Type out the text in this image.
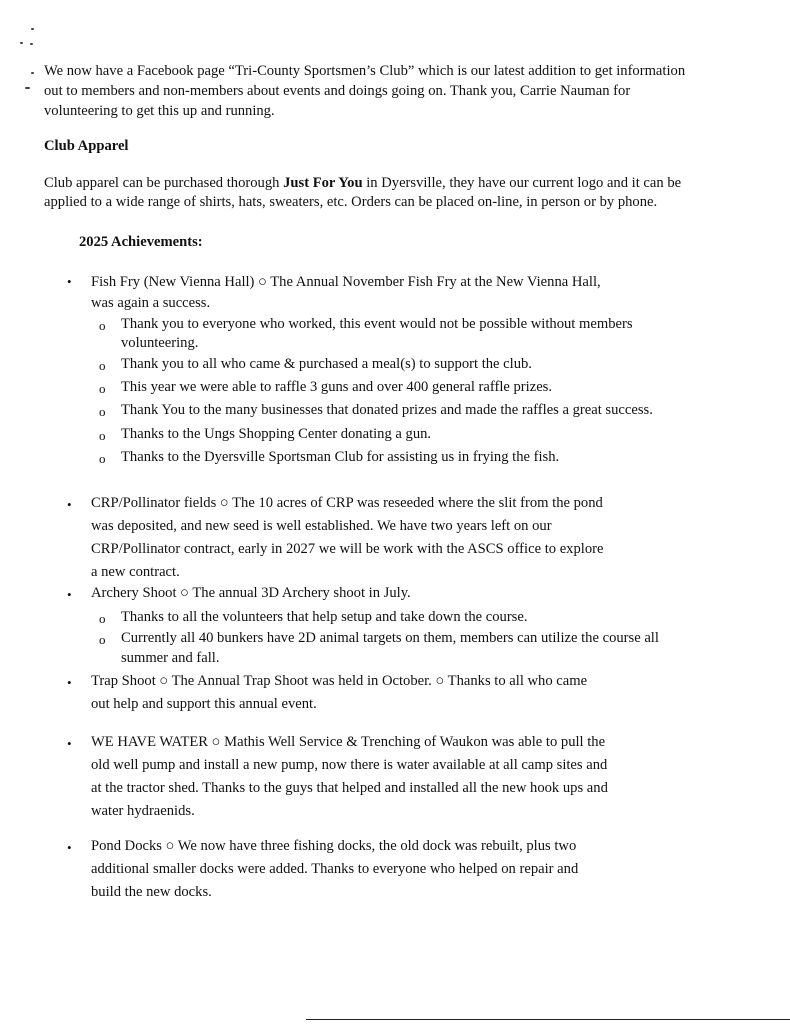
We now have a Facebook page “Tri-County Sportsmen’s Club” which is our latest addition to get information
out to members and non-members about events and doings going on. Thank you, Carrie Nauman for
volunteering to get this up and running.
Club Apparel
Club apparel can be purchased thorough Just For You in Dyersville, they have our current logo and it can be
applied to a wide range of shirts, hats, sweaters, etc. Orders can be placed on-line, in person or by phone.
2025 Achievements:
• Fish Fry (New Vienna Hall) ○ The Annual November Fish Fry at the New Vienna Hall,
was again a success.
o Thank you to everyone who worked, this event would not be possible without members
volunteering.
o Thank you to all who came & purchased a meal(s) to support the club.
o This year we were able to raffle 3 guns and over 400 general raffle prizes.
o Thank You to the many businesses that donated prizes and made the raffles a great success.
o Thanks to the Ungs Shopping Center donating a gun.
o Thanks to the Dyersville Sportsman Club for assisting us in frying the fish.
• CRP/Pollinator fields ○ The 10 acres of CRP was reseeded where the slit from the pond
was deposited, and new seed is well established. We have two years left on our
CRP/Pollinator contract, early in 2027 we will be work with the ASCS office to explore
a new contract.
• Archery Shoot ○ The annual 3D Archery shoot in July.
o Thanks to all the volunteers that help setup and take down the course.
o Currently all 40 bunkers have 2D animal targets on them, members can utilize the course all
summer and fall.
• Trap Shoot ○ The Annual Trap Shoot was held in October. ○ Thanks to all who came
out help and support this annual event.
• WE HAVE WATER ○ Mathis Well Service & Trenching of Waukon was able to pull the
old well pump and install a new pump, now there is water available at all camp sites and
at the tractor shed. Thanks to the guys that helped and installed all the new hook ups and
water hydraenids.
• Pond Docks ○ We now have three fishing docks, the old dock was rebuilt, plus two
additional smaller docks were added. Thanks to everyone who helped on repair and
build the new docks.
